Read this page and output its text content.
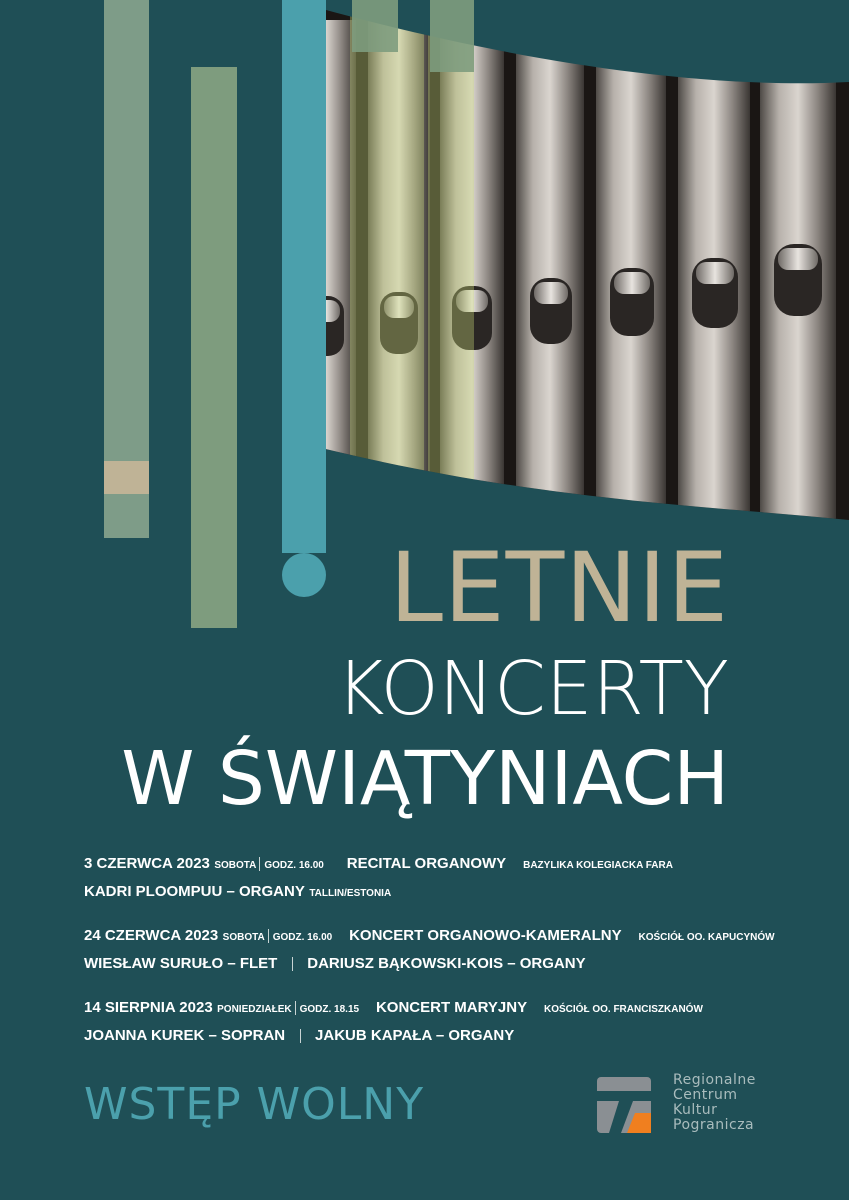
LETNIE
KONCERTY
W ŚWIĄTYNIACH
3 CZERWCA 2023 SOBOTA GODZ. 16.00 RECITAL ORGANOWY BAZYLIKA KOLEGIACKA FARA
KADRI PLOOMPUU – ORGANY TALLIN/ESTONIA
24 CZERWCA 2023 SOBOTA GODZ. 16.00 KONCERT ORGANOWO-KAMERALNY KOŚCIÓŁ OO. KAPUCYNÓW
WIESŁAW SURUŁO – FLET DARIUSZ BĄKOWSKI-KOIS – ORGANY
14 SIERPNIA 2023 PONIEDZIAŁEK GODZ. 18.15 KONCERT MARYJNY KOŚCIÓŁ OO. FRANCISZKANÓW
JOANNA KUREK – SOPRAN JAKUB KAPAŁA – ORGANY
WSTĘP WOLNY	Regionalne
Centrum
Kultur
Pogranicza
